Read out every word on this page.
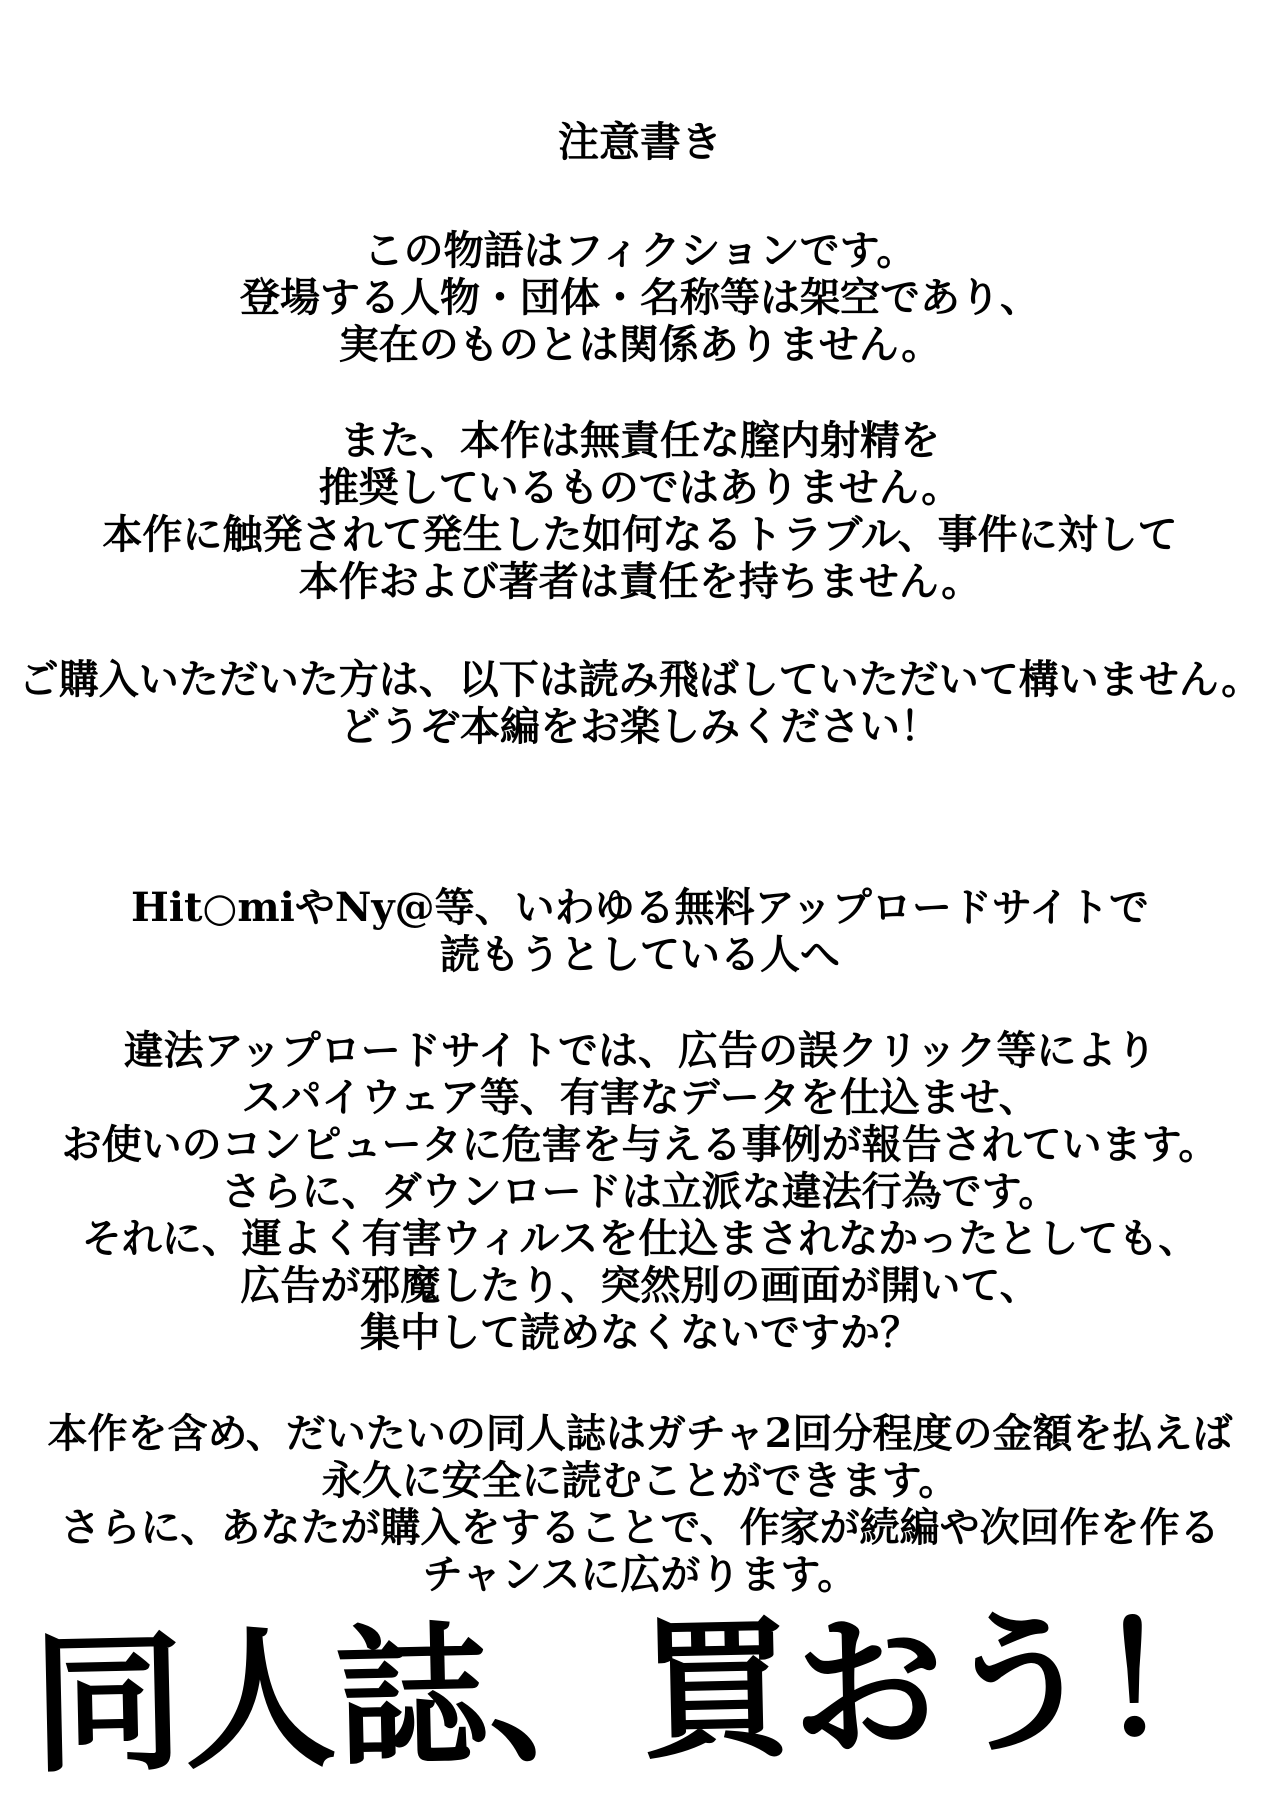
注意書き
この物語はフィクションです。
登場する人物・団体・名称等は架空であり、
実在のものとは関係ありません。
また、本作は無責任な膣内射精を
推奨しているものではありません。
本作に触発されて発生した如何なるトラブル、事件に対して
本作および著者は責任を持ちません。
ご購入いただいた方は、以下は読み飛ばしていただいて構いません。
どうぞ本編をお楽しみください！
Hit○miやNy@等、いわゆる無料アップロードサイトで
読もうとしている人へ
違法アップロードサイトでは、広告の誤クリック等により
スパイウェア等、有害なデータを仕込ませ、
お使いのコンピュータに危害を与える事例が報告されています。
さらに、ダウンロードは立派な違法行為です。
それに、運よく有害ウィルスを仕込まされなかったとしても、
広告が邪魔したり、突然別の画面が開いて、
集中して読めなくないですか？
本作を含め、だいたいの同人誌はガチャ2回分程度の金額を払えば
永久に安全に読むことができます。
さらに、あなたが購入をすることで、作家が続編や次回作を作る
チャンスに広がります。
同人誌、買おう！
